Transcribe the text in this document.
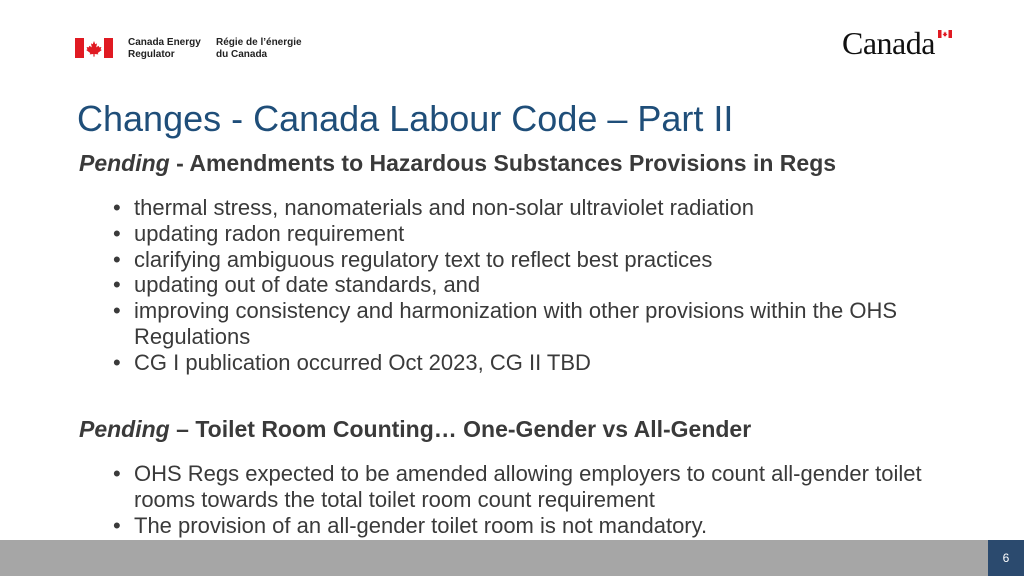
Canada Energy
Regulator
Régie de l’énergie
du Canada	Canada
Changes - Canada Labour Code – Part II
Pending - Amendments to Hazardous Substances Provisions in Regs
• thermal stress, nanomaterials and non-solar ultraviolet radiation
• updating radon requirement
• clarifying ambiguous regulatory text to reflect best practices
• updating out of date standards, and
• improving consistency and harmonization with other provisions within the OHS Regulations
• CG I publication occurred Oct 2023, CG II TBD
Pending – Toilet Room Counting… One-Gender vs All-Gender
• OHS Regs expected to be amended allowing employers to count all-gender toilet rooms towards the total toilet room count requirement
• The provision of an all-gender toilet room is not mandatory.
6
